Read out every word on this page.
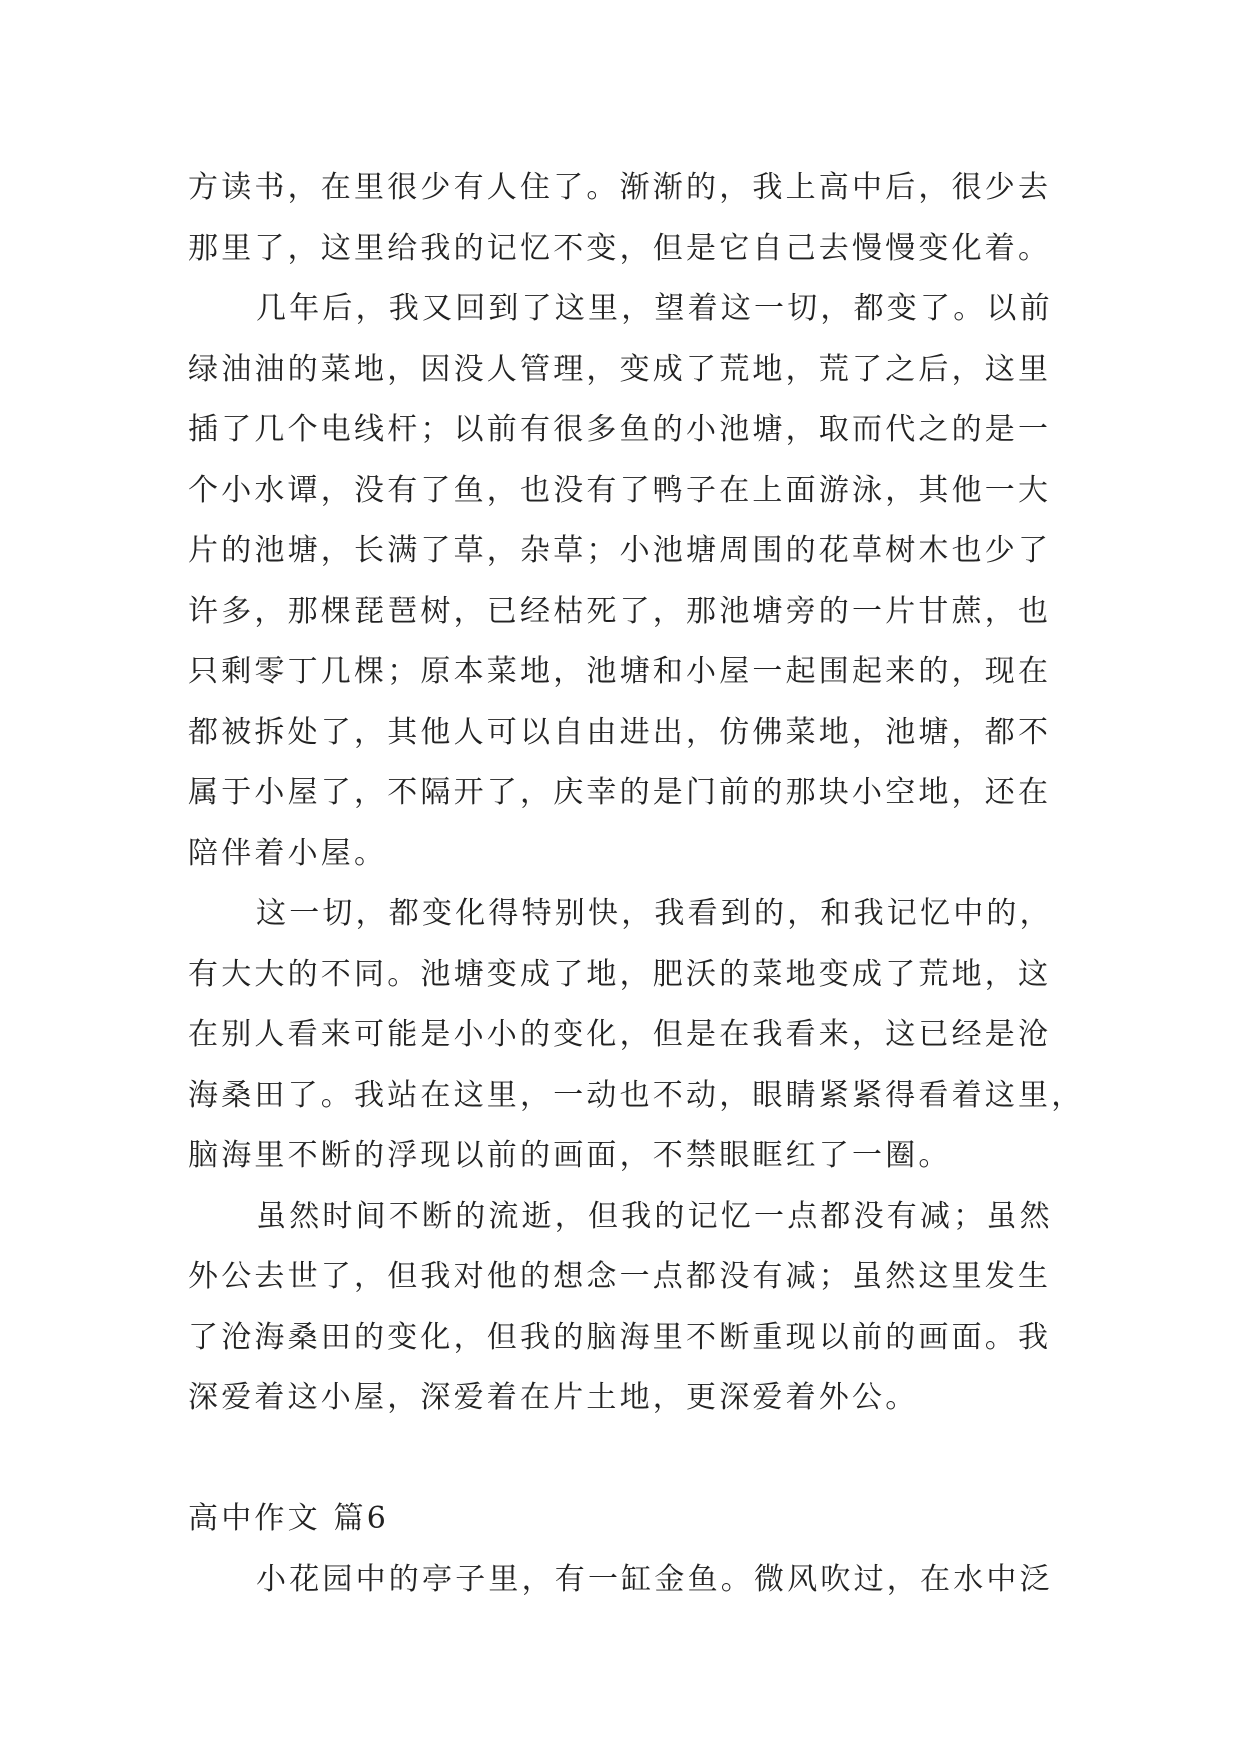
方读书，在里很少有人住了。渐渐的，我上高中后，很少去
那里了，这里给我的记忆不变，但是它自己去慢慢变化着。
几年后，我又回到了这里，望着这一切，都变了。以前
绿油油的菜地，因没人管理，变成了荒地，荒了之后，这里
插了几个电线杆；以前有很多鱼的小池塘，取而代之的是一
个小水谭，没有了鱼，也没有了鸭子在上面游泳，其他一大
片的池塘，长满了草，杂草；小池塘周围的花草树木也少了
许多，那棵琵琶树，已经枯死了，那池塘旁的一片甘蔗，也
只剩零丁几棵；原本菜地，池塘和小屋一起围起来的，现在
都被拆处了，其他人可以自由进出，仿佛菜地，池塘，都不
属于小屋了，不隔开了，庆幸的是门前的那块小空地，还在
陪伴着小屋。
这一切，都变化得特别快，我看到的，和我记忆中的，
有大大的不同。池塘变成了地，肥沃的菜地变成了荒地，这
在别人看来可能是小小的变化，但是在我看来，这已经是沧
海桑田了。我站在这里，一动也不动，眼睛紧紧得看着这里，
脑海里不断的浮现以前的画面，不禁眼眶红了一圈。
虽然时间不断的流逝，但我的记忆一点都没有减；虽然
外公去世了，但我对他的想念一点都没有减；虽然这里发生
了沧海桑田的变化，但我的脑海里不断重现以前的画面。我
深爱着这小屋，深爱着在片土地，更深爱着外公。
高中作文 篇6
小花园中的亭子里，有一缸金鱼。微风吹过，在水中泛
